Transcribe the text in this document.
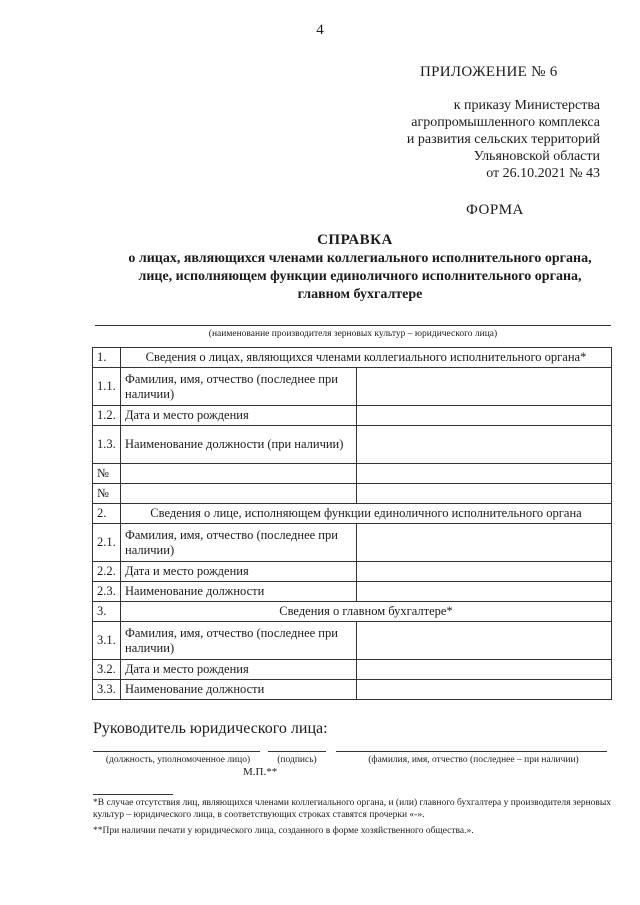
4
ПРИЛОЖЕНИЕ № 6
к приказу Министерства
агропромышленного комплекса
и развития сельских территорий
Ульяновской области
от 26.10.2021 № 43
ФОРМА
СПРАВКА
о лицах, являющихся членами коллегиального исполнительного органа,
лице, исполняющем функции единоличного исполнительного органа,
главном бухгалтере
(наименование производителя зерновых культур – юридического лица)
1.	Сведения о лицах, являющихся членами коллегиального исполнительного органа*	
1.1.	Фамилия, имя, отчество (последнее при наличии)	
1.2.	Дата и место рождения	
1.3.	Наименование должности (при наличии)	
№		
№		
2.	Сведения о лице, исполняющем функции единоличного исполнительного органа	
2.1.	Фамилия, имя, отчество (последнее при наличии)	
2.2.	Дата и место рождения	
2.3.	Наименование должности	
3.	Сведения о главном бухгалтере*	
3.1.	Фамилия, имя, отчество (последнее при наличии)	
3.2.	Дата и место рождения	
3.3.	Наименование должности	
Руководитель юридического лица:
(должность, уполномоченное лицо)	(подпись)	(фамилия, имя, отчество (последнее – при наличии)
М.П.**
*В случае отсутствия лиц, являющихся членами коллегиального органа, и (или) главного бухгалтера у производителя зерновых культур – юридического лица, в соответствующих строках ставятся прочерки «-».
**При наличии печати у юридического лица, созданного в форме хозяйственного общества.».
